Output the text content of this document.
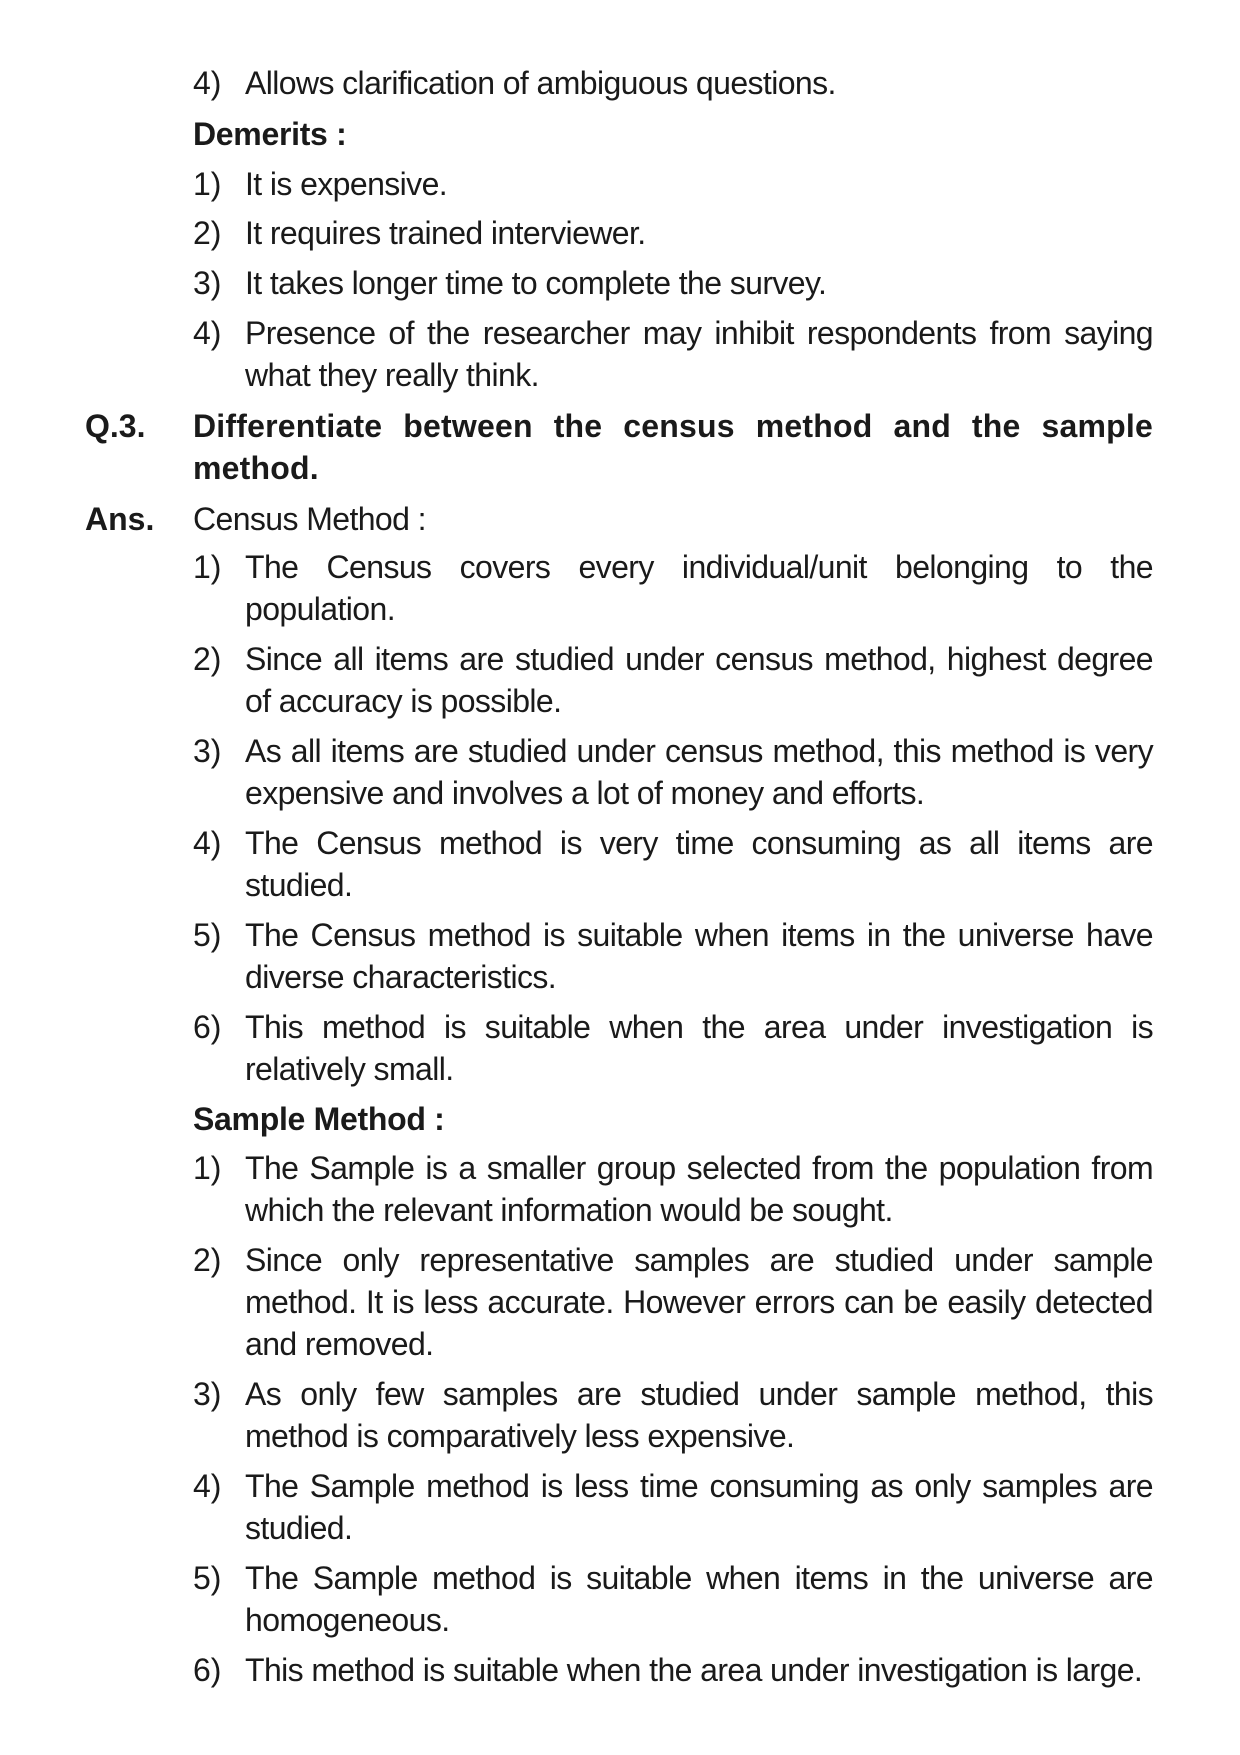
4) Allows clarification of ambiguous questions.
Demerits :
1) It is expensive.
2) It requires trained interviewer.
3) It takes longer time to complete the survey.
4) Presence of the researcher may inhibit respondents from saying what they really think.
Q.3. Differentiate between the census method and the sample method.
Ans. Census Method :
1) The Census covers every individual/unit belonging to the population.
2) Since all items are studied under census method, highest degree of accuracy is possible.
3) As all items are studied under census method, this method is very expensive and involves a lot of money and efforts.
4) The Census method is very time consuming as all items are studied.
5) The Census method is suitable when items in the universe have diverse characteristics.
6) This method is suitable when the area under investigation is relatively small.
Sample Method :
1) The Sample is a smaller group selected from the population from which the relevant information would be sought.
2) Since only representative samples are studied under sample method. It is less accurate. However errors can be easily detected and removed.
3) As only few samples are studied under sample method, this method is comparatively less expensive.
4) The Sample method is less time consuming as only samples are studied.
5) The Sample method is suitable when items in the universe are homogeneous.
6) This method is suitable when the area under investigation is large.
